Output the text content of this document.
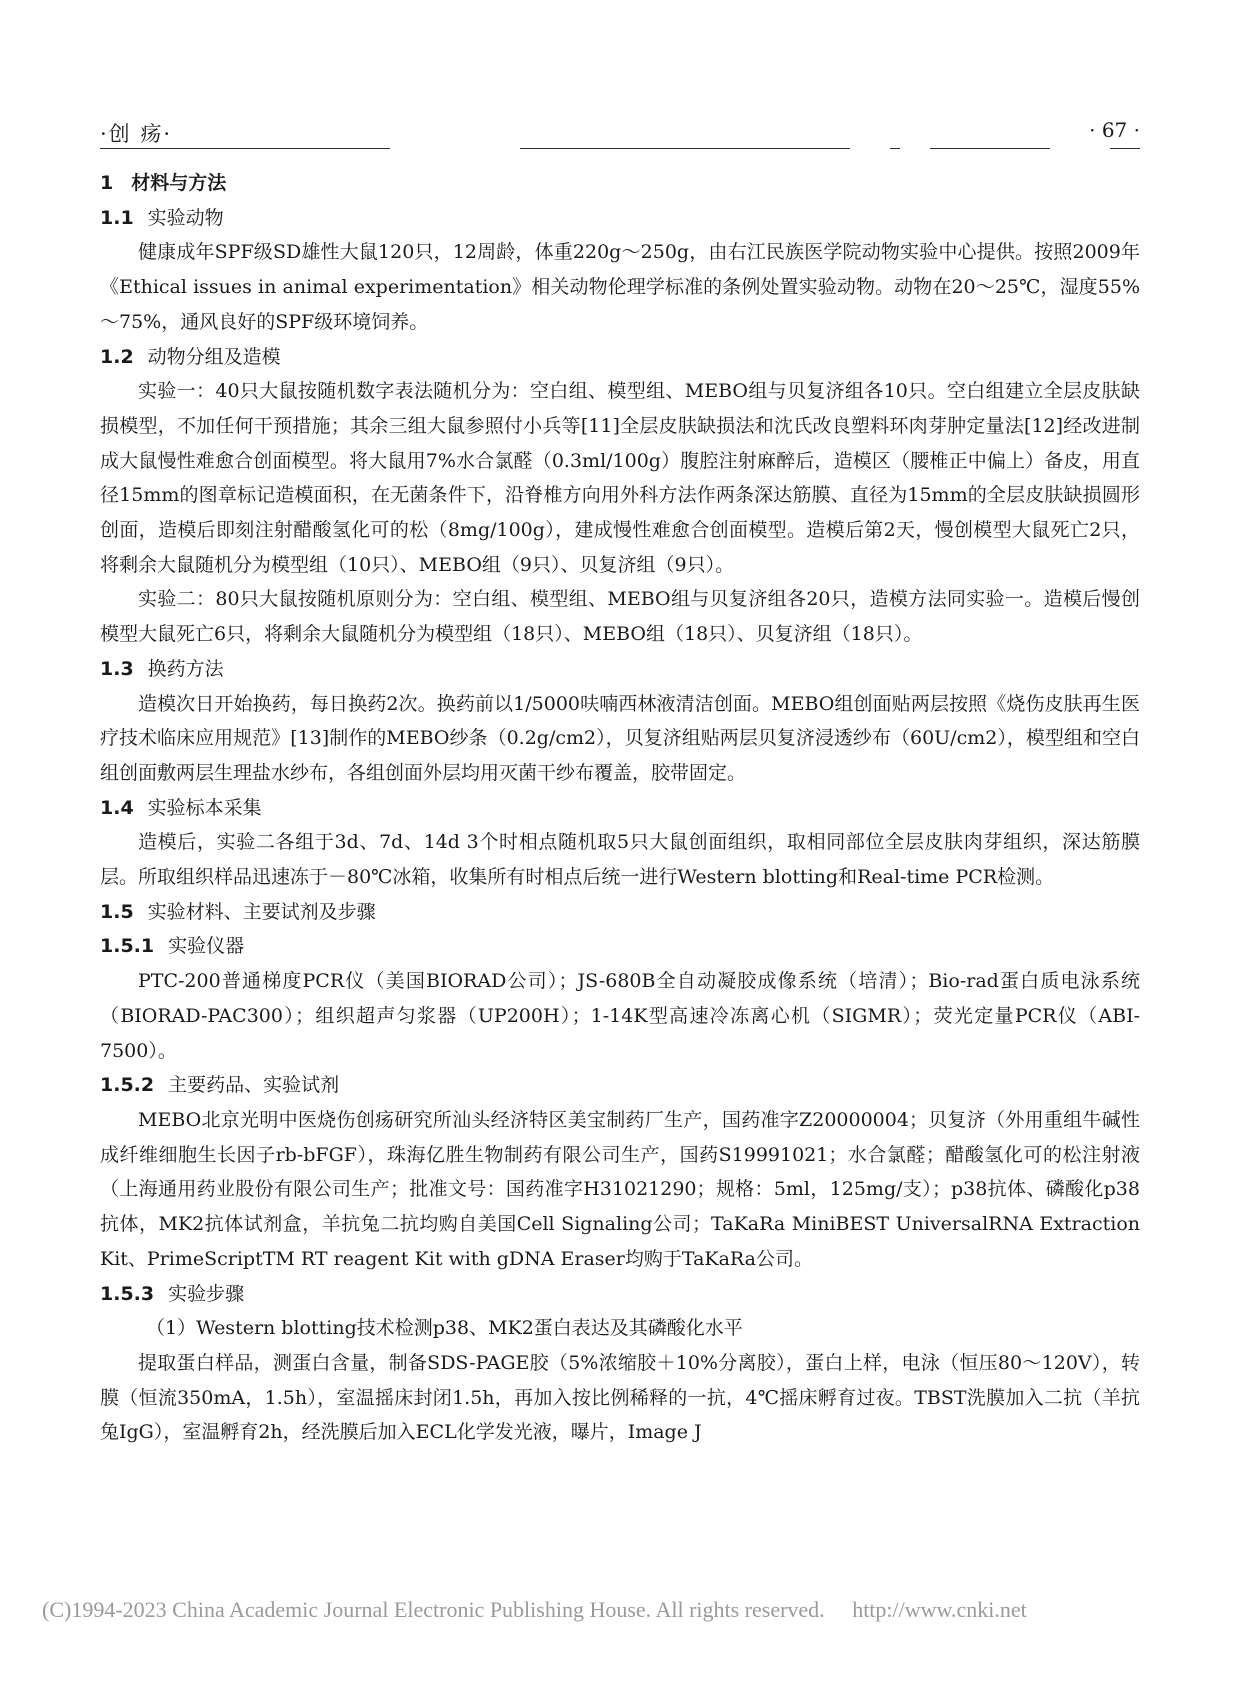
·创 疡·	· 67 ·
1 材料与方法
1.1 实验动物
健康成年SPF级SD雄性大鼠120只，12周龄，体重220g～250g，由右江民族医学院动物实验中心提供。按照2009年《Ethical issues in animal experimentation》相关动物伦理学标准的条例处置实验动物。动物在20～25℃，湿度55%～75%，通风良好的SPF级环境饲养。
1.2 动物分组及造模
实验一：40只大鼠按随机数字表法随机分为：空白组、模型组、MEBO组与贝复济组各10只。空白组建立全层皮肤缺损模型，不加任何干预措施；其余三组大鼠参照付小兵等[11]全层皮肤缺损法和沈氏改良塑料环肉芽肿定量法[12]经改进制成大鼠慢性难愈合创面模型。将大鼠用7%水合氯醛（0.3ml/100g）腹腔注射麻醉后，造模区（腰椎正中偏上）备皮，用直径15mm的图章标记造模面积，在无菌条件下，沿脊椎方向用外科方法作两条深达筋膜、直径为15mm的全层皮肤缺损圆形创面，造模后即刻注射醋酸氢化可的松（8mg/100g），建成慢性难愈合创面模型。造模后第2天，慢创模型大鼠死亡2只，将剩余大鼠随机分为模型组（10只）、MEBO组（9只）、贝复济组（9只）。
实验二：80只大鼠按随机原则分为：空白组、模型组、MEBO组与贝复济组各20只，造模方法同实验一。造模后慢创模型大鼠死亡6只，将剩余大鼠随机分为模型组（18只）、MEBO组（18只）、贝复济组（18只）。
1.3 换药方法
造模次日开始换药，每日换药2次。换药前以1/5000呋喃西林液清洁创面。MEBO组创面贴两层按照《烧伤皮肤再生医疗技术临床应用规范》[13]制作的MEBO纱条（0.2g/cm2），贝复济组贴两层贝复济浸透纱布（60U/cm2），模型组和空白组创面敷两层生理盐水纱布，各组创面外层均用灭菌干纱布覆盖，胶带固定。
1.4 实验标本采集
造模后，实验二各组于3d、7d、14d 3个时相点随机取5只大鼠创面组织，取相同部位全层皮肤肉芽组织，深达筋膜层。所取组织样品迅速冻于－80℃冰箱，收集所有时相点后统一进行Western blotting和Real-time PCR检测。
1.5 实验材料、主要试剂及步骤
1.5.1 实验仪器
PTC-200普通梯度PCR仪（美国BIORAD公司）；JS-680B全自动凝胶成像系统（培清）；Bio-rad蛋白质电泳系统（BIORAD-PAC300）；组织超声匀浆器（UP200H）；1-14K型高速冷冻离心机（SIGMR）；荧光定量PCR仪（ABI-7500）。
1.5.2 主要药品、实验试剂
MEBO北京光明中医烧伤创疡研究所汕头经济特区美宝制药厂生产，国药准字Z20000004；贝复济（外用重组牛碱性成纤维细胞生长因子rb-bFGF），珠海亿胜生物制药有限公司生产，国药S19991021；水合氯醛；醋酸氢化可的松注射液（上海通用药业股份有限公司生产；批准文号：国药准字H31021290；规格：5ml，125mg/支）；p38抗体、磷酸化p38抗体，MK2抗体试剂盒，羊抗兔二抗均购自美国Cell Signaling公司；TaKaRa MiniBEST UniversalRNA Extraction Kit、PrimeScriptTM RT reagent Kit with gDNA Eraser均购于TaKaRa公司。
1.5.3 实验步骤
（1）Western blotting技术检测p38、MK2蛋白表达及其磷酸化水平
提取蛋白样品，测蛋白含量，制备SDS-PAGE胶（5%浓缩胶＋10%分离胶），蛋白上样，电泳（恒压80～120V），转膜（恒流350mA，1.5h），室温摇床封闭1.5h，再加入按比例稀释的一抗，4℃摇床孵育过夜。TBST洗膜加入二抗（羊抗兔IgG），室温孵育2h，经洗膜后加入ECL化学发光液，曝片，Image J
(C)1994-2023 China Academic Journal Electronic Publishing House. All rights reserved. http://www.cnki.net
